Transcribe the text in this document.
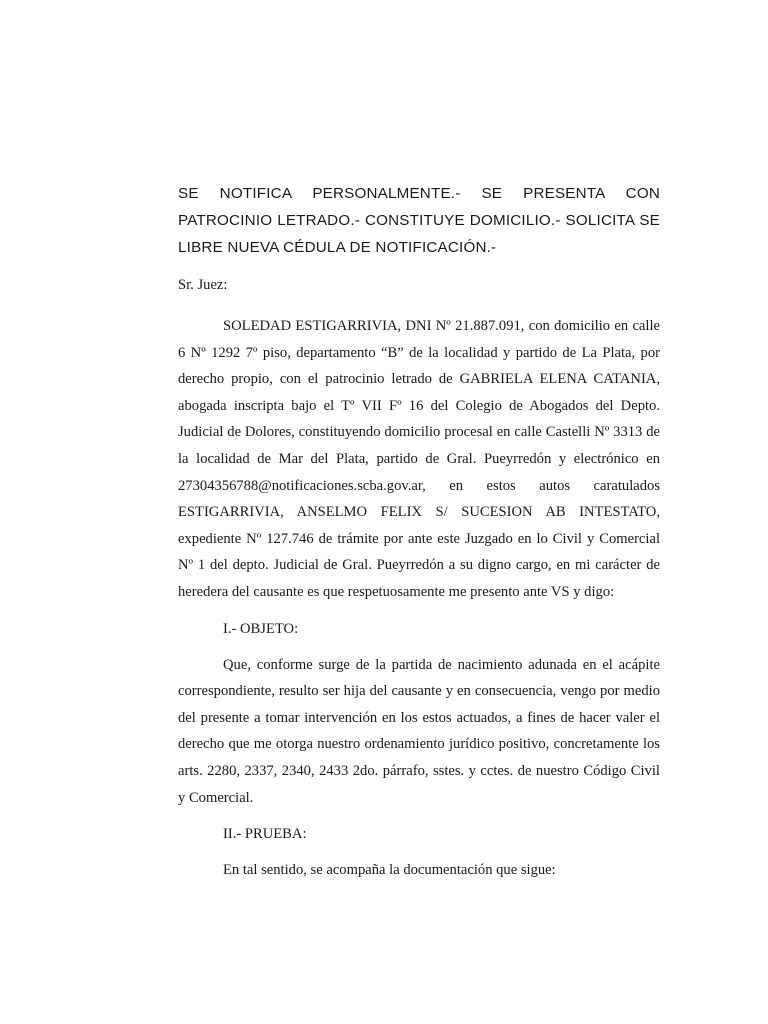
SE NOTIFICA PERSONALMENTE.- SE PRESENTA CON PATROCINIO LETRADO.- CONSTITUYE DOMICILIO.- SOLICITA SE LIBRE NUEVA CÉDULA DE NOTIFICACIÓN.-

Sr. Juez:

SOLEDAD ESTIGARRIVIA, DNI Nº 21.887.091, con domicilio en calle 6 Nº 1292 7º piso, departamento “B” de la localidad y partido de La Plata, por derecho propio, con el patrocinio letrado de GABRIELA ELENA CATANIA, abogada inscripta bajo el Tº VII Fº 16 del Colegio de Abogados del Depto. Judicial de Dolores, constituyendo domicilio procesal en calle Castelli Nº 3313 de la localidad de Mar del Plata, partido de Gral. Pueyrredón y electrónico en 27304356788@notificaciones.scba.gov.ar, en estos autos caratulados ESTIGARRIVIA, ANSELMO FELIX S/ SUCESION AB INTESTATO, expediente Nº 127.746 de trámite por ante este Juzgado en lo Civil y Comercial Nº 1 del depto. Judicial de Gral. Pueyrredón a su digno cargo, en mi carácter de heredera del causante es que respetuosamente me presento ante VS y digo:

I.- OBJETO:

Que, conforme surge de la partida de nacimiento adunada en el acápite correspondiente, resulto ser hija del causante y en consecuencia, vengo por medio del presente a tomar intervención en los estos actuados, a fines de hacer valer el derecho que me otorga nuestro ordenamiento jurídico positivo, concretamente los arts. 2280, 2337, 2340, 2433 2do. párrafo, sstes. y cctes. de nuestro Código Civil y Comercial.

II.- PRUEBA:

En tal sentido, se acompaña la documentación que sigue:
